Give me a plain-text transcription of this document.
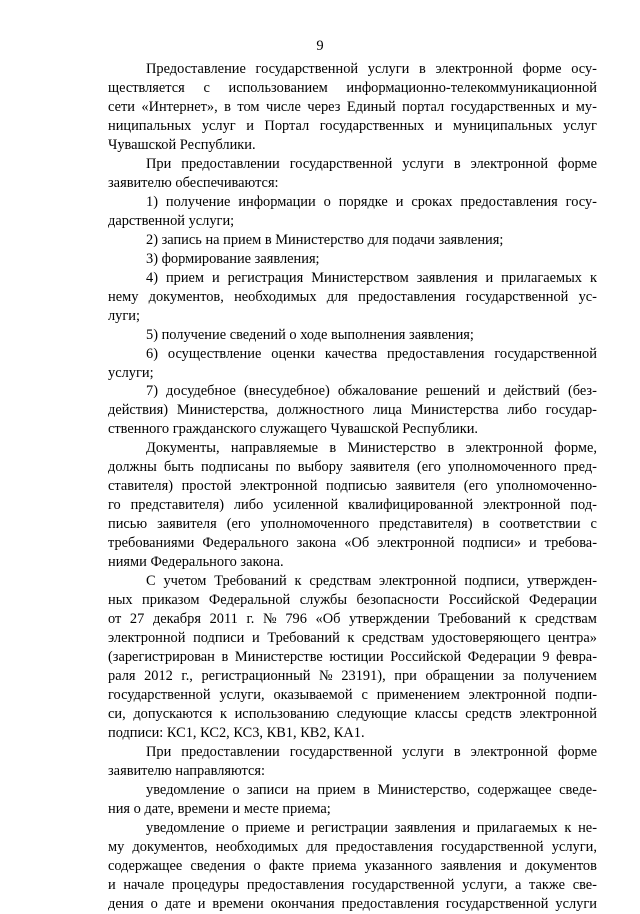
9
Предоставление государственной услуги в электронной форме осу-
ществляется с использованием информационно-телекоммуникационной
сети «Интернет», в том числе через Единый портал государственных и му-
ниципальных услуг и Портал государственных и муниципальных услуг
Чувашской Республики.
При предоставлении государственной услуги в электронной форме
заявителю обеспечиваются:
1) получение информации о порядке и сроках предоставления госу-
дарственной услуги;
2) запись на прием в Министерство для подачи заявления;
3) формирование заявления;
4) прием и регистрация Министерством заявления и прилагаемых к
нему документов, необходимых для предоставления государственной ус-
луги;
5) получение сведений о ходе выполнения заявления;
6) осуществление оценки качества предоставления государственной
услуги;
7) досудебное (внесудебное) обжалование решений и действий (без-
действия) Министерства, должностного лица Министерства либо государ-
ственного гражданского служащего Чувашской Республики.
Документы, направляемые в Министерство в электронной форме,
должны быть подписаны по выбору заявителя (его уполномоченного пред-
ставителя) простой электронной подписью заявителя (его уполномоченно-
го представителя) либо усиленной квалифицированной электронной под-
писью заявителя (его уполномоченного представителя) в соответствии с
требованиями Федерального закона «Об электронной подписи» и требова-
ниями Федерального закона.
С учетом Требований к средствам электронной подписи, утвержден-
ных приказом Федеральной службы безопасности Российской Федерации
от 27 декабря 2011 г. № 796 «Об утверждении Требований к средствам
электронной подписи и Требований к средствам удостоверяющего центра»
(зарегистрирован в Министерстве юстиции Российской Федерации 9 февра-
раля 2012 г., регистрационный № 23191), при обращении за получением
государственной услуги, оказываемой с применением электронной подпи-
си, допускаются к использованию следующие классы средств электронной
подписи: КС1, КС2, КС3, КВ1, КВ2, КА1.
При предоставлении государственной услуги в электронной форме
заявителю направляются:
уведомление о записи на прием в Министерство, содержащее сведе-
ния о дате, времени и месте приема;
уведомление о приеме и регистрации заявления и прилагаемых к не-
му документов, необходимых для предоставления государственной услуги,
содержащее сведения о факте приема указанного заявления и документов
и начале процедуры предоставления государственной услуги, а также све-
дения о дате и времени окончания предоставления государственной услуги
